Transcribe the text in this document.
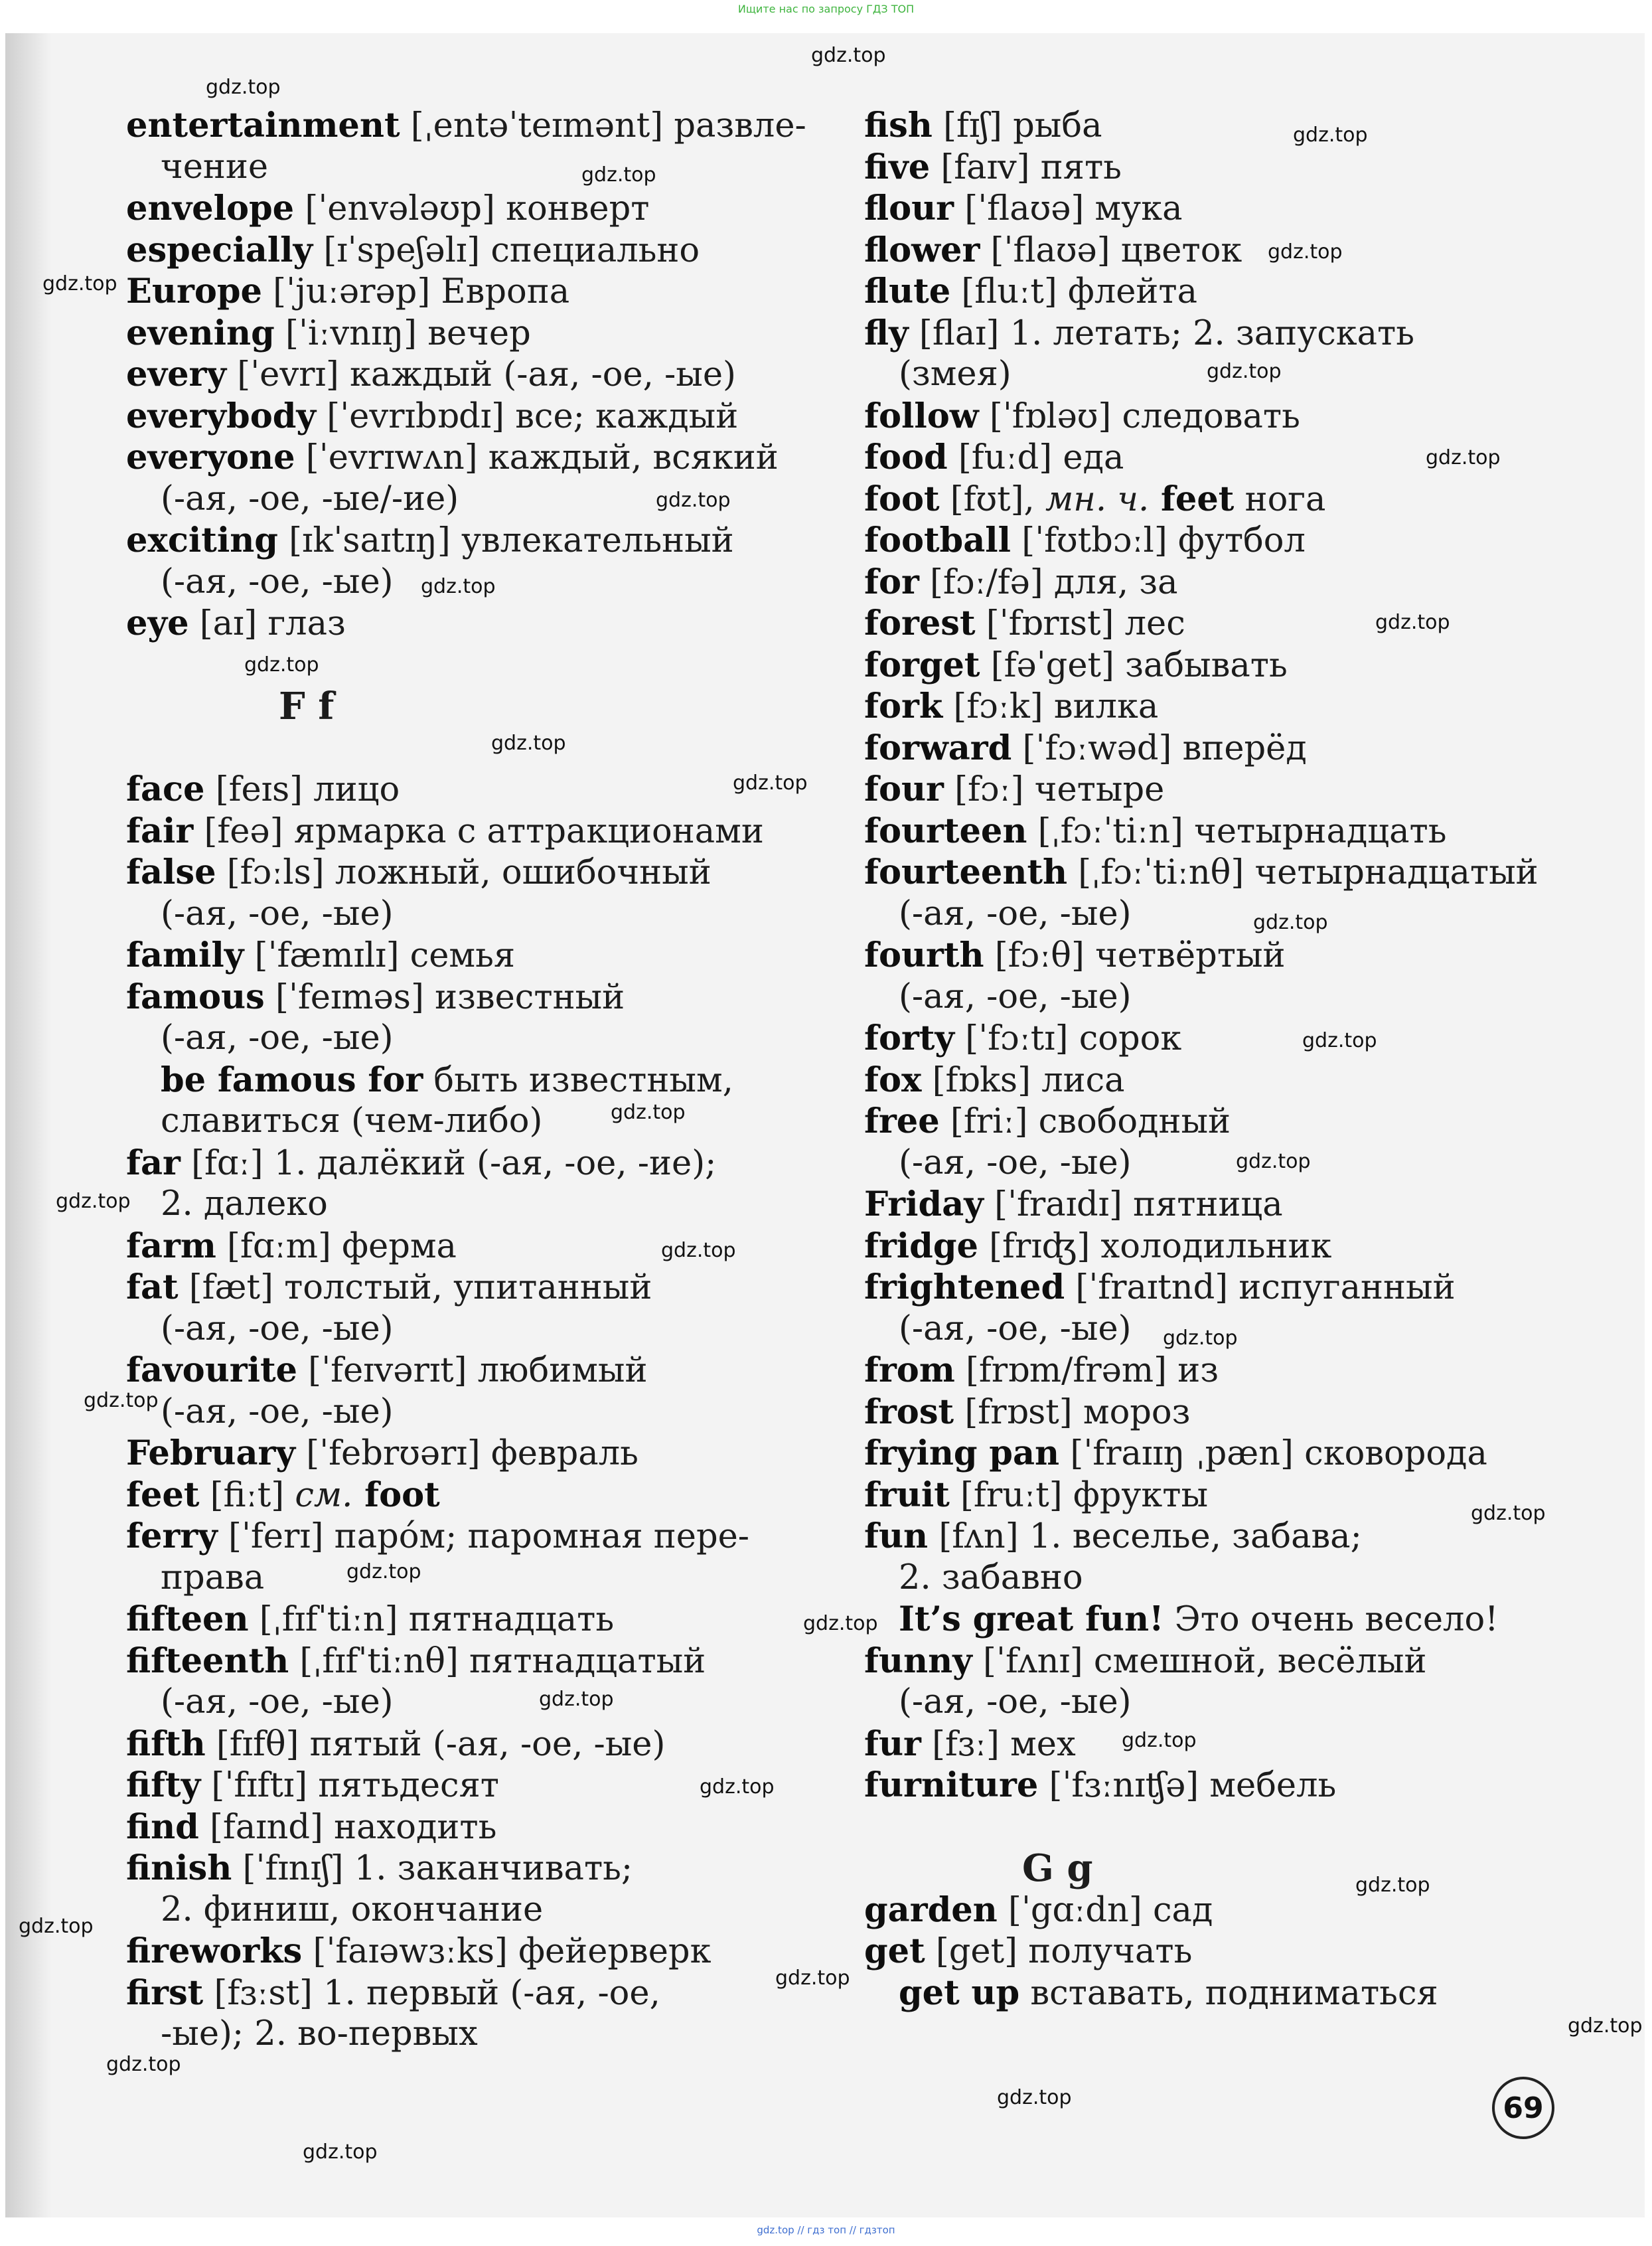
Ищите нас по запросу ГДЗ ТОП
entertainment [ˌentəˈteɪmənt] развле-
чение
envelope [ˈenvələʊp] конверт
especially [ɪˈspeʃəlɪ] специально
Europe [ˈjuːərəp] Европа
evening [ˈiːvnɪŋ] вечер
every [ˈevrɪ] каждый (-ая, -ое, -ые)
everybody [ˈevrɪbɒdɪ] все; каждый
everyone [ˈevrɪwʌn] каждый, всякий
(-ая, -ое, -ые/-ие)
exciting [ɪkˈsaɪtɪŋ] увлекательный
(-ая, -ое, -ые)
eye [aɪ] глаз
F f
face [feɪs] лицо
fair [feə] ярмарка с аттракционами
false [fɔːls] ложный, ошибочный
(-ая, -ое, -ые)
family [ˈfæmɪlɪ] семья
famous [ˈfeɪməs] известный
(-ая, -ое, -ые)
be famous for быть известным,
славиться (чем-либо)
far [fɑː] 1. далёкий (-ая, -ое, -ие);
2. далеко
farm [fɑːm] ферма
fat [fæt] толстый, упитанный
(-ая, -ое, -ые)
favourite [ˈfeɪvərɪt] любимый
(-ая, -ое, -ые)
February [ˈfebrʊərɪ] февраль
feet [fiːt] см. foot
ferry [ˈferɪ] паро́м; паромная пере-
права
fifteen [ˌfɪfˈtiːn] пятнадцать
fifteenth [ˌfɪfˈtiːnθ] пятнадцатый
(-ая, -ое, -ые)
fifth [fɪfθ] пятый (-ая, -ое, -ые)
fifty [ˈfɪftɪ] пятьдесят
find [faɪnd] находить
finish [ˈfɪnɪʃ] 1. заканчивать;
2. финиш, окончание
fireworks [ˈfaɪəwɜːks] фейерверк
first [fɜːst] 1. первый (-ая, -ое,
-ые); 2. во-первых
fish [fɪʃ] рыба
five [faɪv] пять
flour [ˈflaʊə] мука
flower [ˈflaʊə] цветок
flute [fluːt] флейта
fly [flaɪ] 1. летать; 2. запускать
(змея)
follow [ˈfɒləʊ] следовать
food [fuːd] еда
foot [fʊt], мн. ч. feet нога
football [ˈfʊtbɔːl] футбол
for [fɔː/fə] для, за
forest [ˈfɒrɪst] лес
forget [fəˈget] забывать
fork [fɔːk] вилка
forward [ˈfɔːwəd] вперёд
four [fɔː] четыре
fourteen [ˌfɔːˈtiːn] четырнадцать
fourteenth [ˌfɔːˈtiːnθ] четырнадцатый
(-ая, -ое, -ые)
fourth [fɔːθ] четвёртый
(-ая, -ое, -ые)
forty [ˈfɔːtɪ] сорок
fox [fɒks] лиса
free [friː] свободный
(-ая, -ое, -ые)
Friday [ˈfraɪdɪ] пятница
fridge [frɪʤ] холодильник
frightened [ˈfraɪtnd] испуганный
(-ая, -ое, -ые)
from [frɒm/frəm] из
frost [frɒst] мороз
frying pan [ˈfraɪɪŋ ˌpæn] сковорода
fruit [fruːt] фрукты
fun [fʌn] 1. веселье, забава;
2. забавно
It’s great fun! Это очень весело!
funny [ˈfʌnɪ] смешной, весёлый
(-ая, -ое, -ые)
fur [fɜː] мех
furniture [ˈfɜːnɪʧə] мебель
G g
garden [ˈgɑːdn] сад
get [get] получать
get up вставать, подниматься
gdz.top
gdz.top
gdz.top
gdz.top
gdz.top
gdz.top
gdz.top
gdz.top
gdz.top
gdz.top
gdz.top
gdz.top
gdz.top
gdz.top
gdz.top
gdz.top
gdz.top
gdz.top
gdz.top
gdz.top
gdz.top
gdz.top
gdz.top
gdz.top
gdz.top
gdz.top
gdz.top
gdz.top
gdz.top
gdz.top
gdz.top
gdz.top
gdz.top
gdz.top
gdz.top
69
gdz.top // гдз топ // гдзтоп
